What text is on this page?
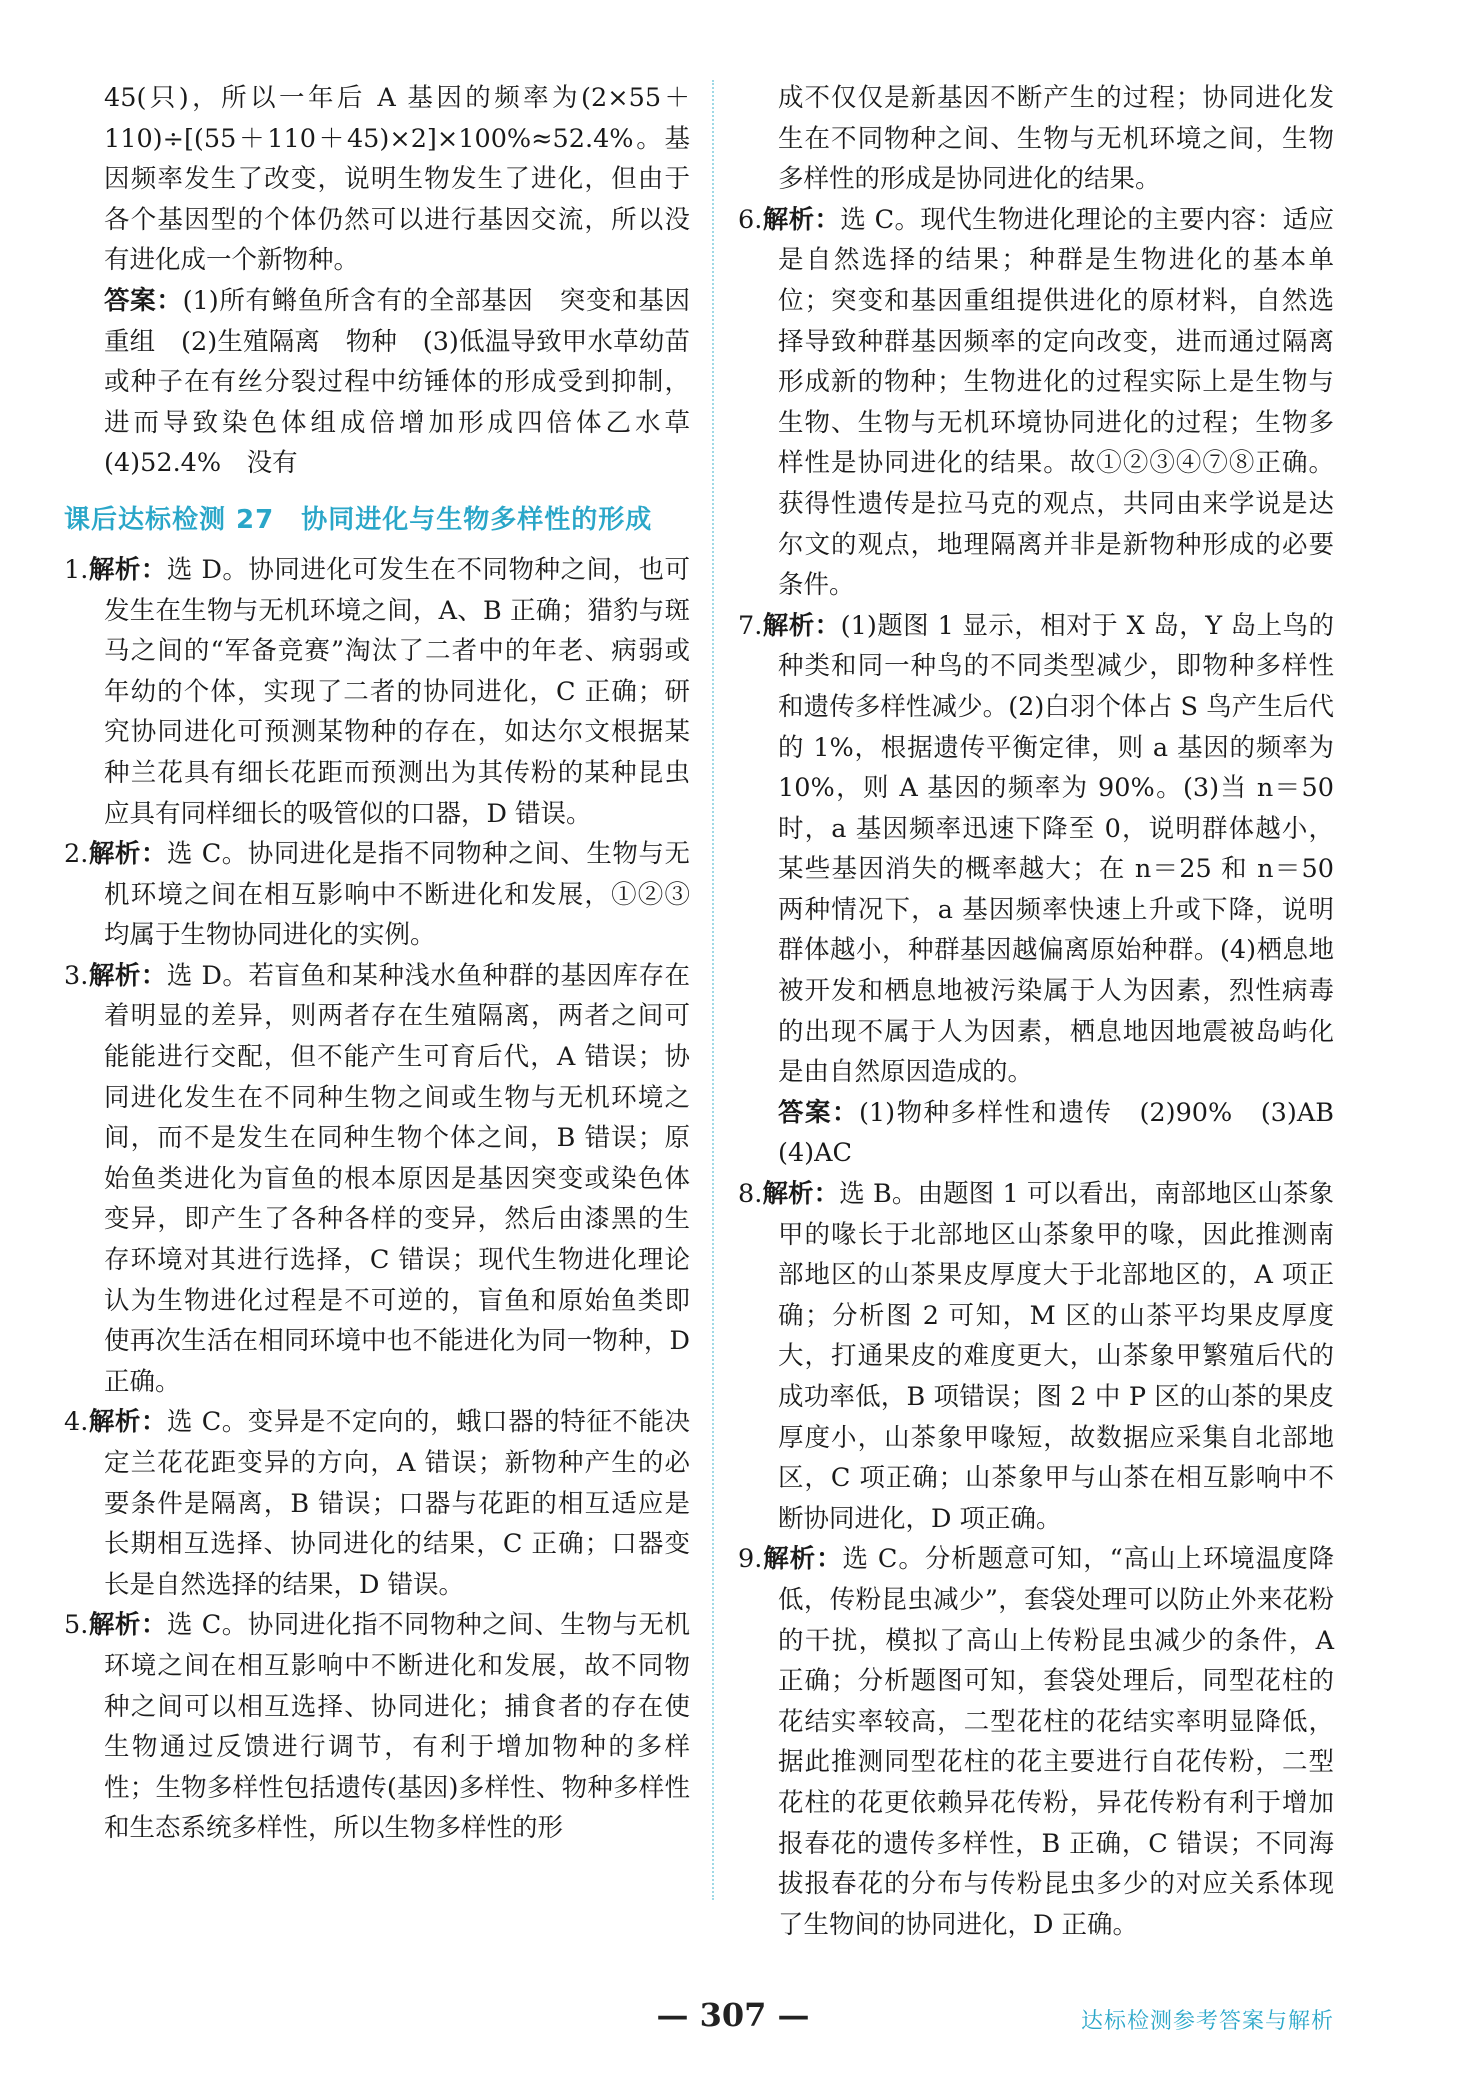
45(只)，所以一年后 A 基因的频率为(2×55＋110)÷[(55＋110＋45)×2]×100%≈52.4%。基因频率发生了改变，说明生物发生了进化，但由于各个基因型的个体仍然可以进行基因交流，所以没有进化成一个新物种。

答案：(1)所有鳉鱼所含有的全部基因　突变和基因重组　(2)生殖隔离　物种　(3)低温导致甲水草幼苗或种子在有丝分裂过程中纺锤体的形成受到抑制，进而导致染色体组成倍增加形成四倍体乙水草　(4)52.4%　没有

课后达标检测 27　协同进化与生物多样性的形成

1.解析：选 D。协同进化可发生在不同物种之间，也可发生在生物与无机环境之间，A、B 正确；猎豹与斑马之间的“军备竞赛”淘汰了二者中的年老、病弱或年幼的个体，实现了二者的协同进化，C 正确；研究协同进化可预测某物种的存在，如达尔文根据某种兰花具有细长花距而预测出为其传粉的某种昆虫应具有同样细长的吸管似的口器，D 错误。

2.解析：选 C。协同进化是指不同物种之间、生物与无机环境之间在相互影响中不断进化和发展，①②③均属于生物协同进化的实例。

3.解析：选 D。若盲鱼和某种浅水鱼种群的基因库存在着明显的差异，则两者存在生殖隔离，两者之间可能能进行交配，但不能产生可育后代，A 错误；协同进化发生在不同种生物之间或生物与无机环境之间，而不是发生在同种生物个体之间，B 错误；原始鱼类进化为盲鱼的根本原因是基因突变或染色体变异，即产生了各种各样的变异，然后由漆黑的生存环境对其进行选择，C 错误；现代生物进化理论认为生物进化过程是不可逆的，盲鱼和原始鱼类即使再次生活在相同环境中也不能进化为同一物种，D 正确。

4.解析：选 C。变异是不定向的，蛾口器的特征不能决定兰花花距变异的方向，A 错误；新物种产生的必要条件是隔离，B 错误；口器与花距的相互适应是长期相互选择、协同进化的结果，C 正确；口器变长是自然选择的结果，D 错误。

5.解析：选 C。协同进化指不同物种之间、生物与无机环境之间在相互影响中不断进化和发展，故不同物种之间可以相互选择、协同进化；捕食者的存在使生物通过反馈进行调节，有利于增加物种的多样性；生物多样性包括遗传(基因)多样性、物种多样性和生态系统多样性，所以生物多样性的形

成不仅仅是新基因不断产生的过程；协同进化发生在不同物种之间、生物与无机环境之间，生物多样性的形成是协同进化的结果。

6.解析：选 C。现代生物进化理论的主要内容：适应是自然选择的结果；种群是生物进化的基本单位；突变和基因重组提供进化的原材料，自然选择导致种群基因频率的定向改变，进而通过隔离形成新的物种；生物进化的过程实际上是生物与生物、生物与无机环境协同进化的过程；生物多样性是协同进化的结果。故①②③④⑦⑧正确。获得性遗传是拉马克的观点，共同由来学说是达尔文的观点，地理隔离并非是新物种形成的必要条件。

7.解析：(1)题图 1 显示，相对于 X 岛，Y 岛上鸟的种类和同一种鸟的不同类型减少，即物种多样性和遗传多样性减少。(2)白羽个体占 S 鸟产生后代的 1%，根据遗传平衡定律，则 a 基因的频率为 10%，则 A 基因的频率为 90%。(3)当 n＝50 时，a 基因频率迅速下降至 0，说明群体越小，某些基因消失的概率越大；在 n＝25 和 n＝50 两种情况下，a 基因频率快速上升或下降，说明群体越小，种群基因越偏离原始种群。(4)栖息地被开发和栖息地被污染属于人为因素，烈性病毒的出现不属于人为因素，栖息地因地震被岛屿化是由自然原因造成的。

答案：(1)物种多样性和遗传　(2)90%　(3)AB　(4)AC

8.解析：选 B。由题图 1 可以看出，南部地区山茶象甲的喙长于北部地区山茶象甲的喙，因此推测南部地区的山茶果皮厚度大于北部地区的，A 项正确；分析图 2 可知，M 区的山茶平均果皮厚度大，打通果皮的难度更大，山茶象甲繁殖后代的成功率低，B 项错误；图 2 中 P 区的山茶的果皮厚度小，山茶象甲喙短，故数据应采集自北部地区，C 项正确；山茶象甲与山茶在相互影响中不断协同进化，D 项正确。

9.解析：选 C。分析题意可知，“高山上环境温度降低，传粉昆虫减少”，套袋处理可以防止外来花粉的干扰，模拟了高山上传粉昆虫减少的条件，A 正确；分析题图可知，套袋处理后，同型花柱的花结实率较高，二型花柱的花结实率明显降低，据此推测同型花柱的花主要进行自花传粉，二型花柱的花更依赖异花传粉，异花传粉有利于增加报春花的遗传多样性，B 正确，C 错误；不同海拔报春花的分布与传粉昆虫多少的对应关系体现了生物间的协同进化，D 正确。

— 307 —	达标检测参考答案与解析
